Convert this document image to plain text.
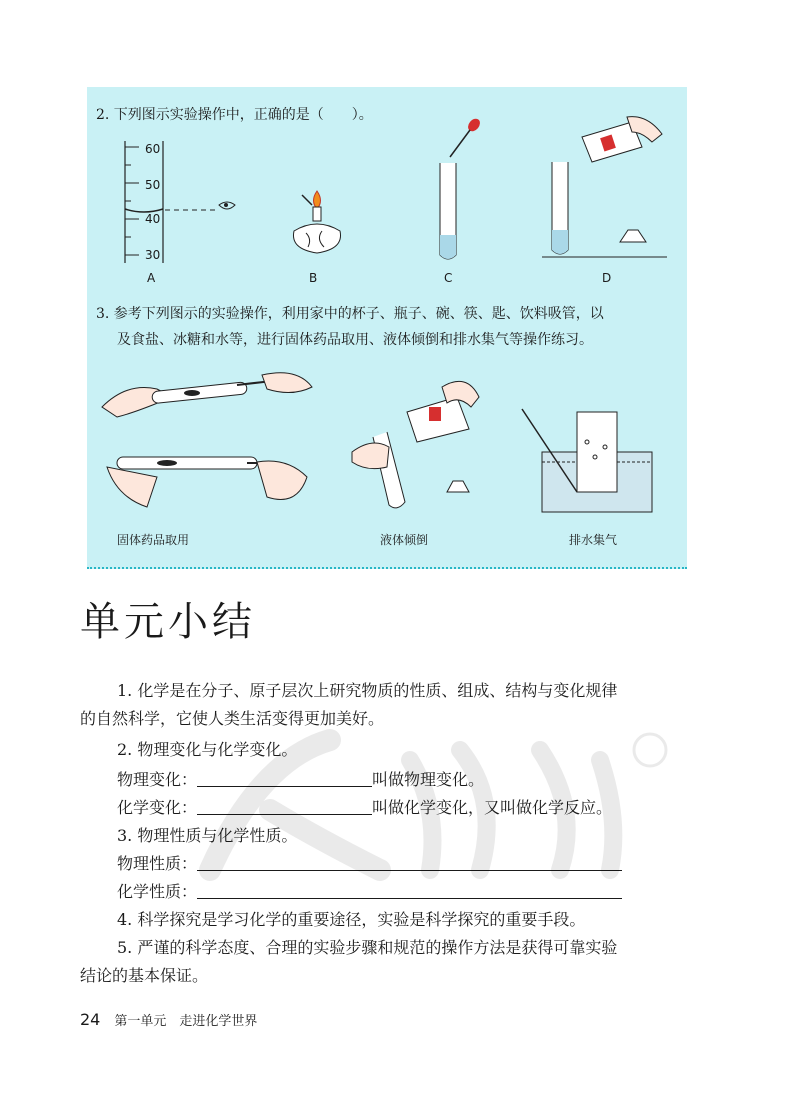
2. 下列图示实验操作中，正确的是（　　）。
60
50
40
30
A	B	C	D
3. 参考下列图示的实验操作，利用家中的杯子、瓶子、碗、筷、匙、饮料吸管，以
及食盐、冰糖和水等，进行固体药品取用、液体倾倒和排水集气等操作练习。
固体药品取用	液体倾倒	排水集气
单元小结
1. 化学是在分子、原子层次上研究物质的性质、组成、结构与变化规律
的自然科学，它使人类生活变得更加美好。
2. 物理变化与化学变化。
物理变化：	叫做物理变化。
化学变化：	叫做化学变化，又叫做化学反应。
3. 物理性质与化学性质。
物理性质：
化学性质：
4. 科学探究是学习化学的重要途径，实验是科学探究的重要手段。
5. 严谨的科学态度、合理的实验步骤和规范的操作方法是获得可靠实验
结论的基本保证。
24 第一单元　走进化学世界
